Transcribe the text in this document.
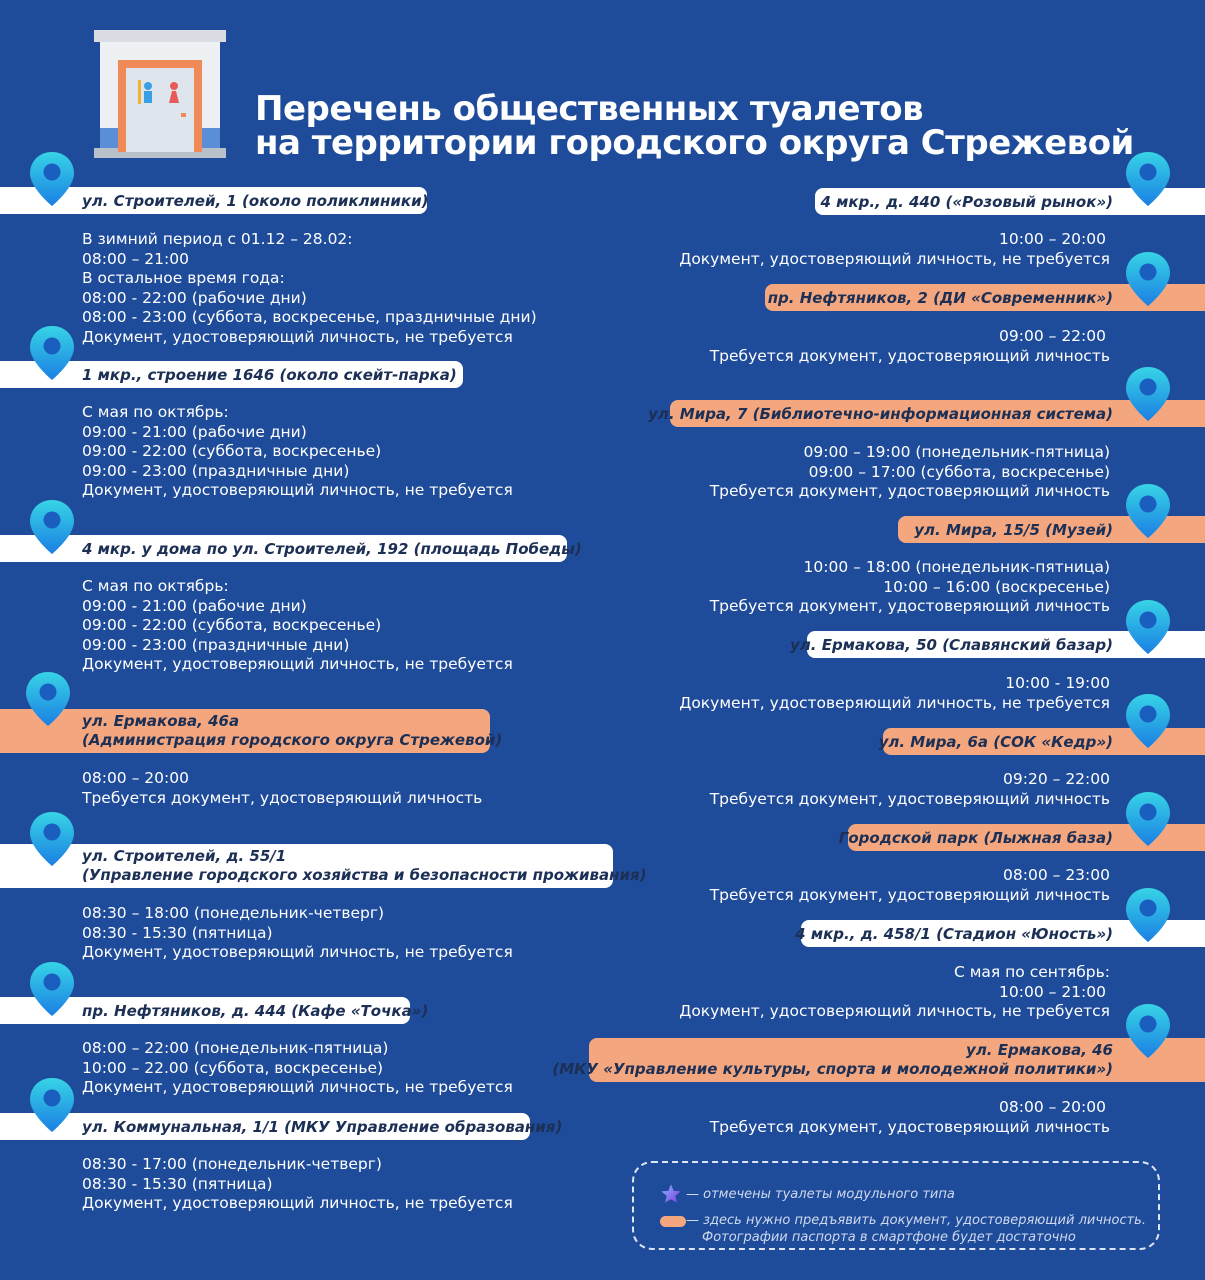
Перечень общественных туалетов
на территории городского округа Стрежевой
ул. Строителей, 1 (около поликлиники)
В зимний период с 01.12 – 28.02:
08:00 – 21:00
В остальное время года:
08:00 - 22:00 (рабочие дни)
08:00 - 23:00 (суббота, воскресенье, праздничные дни)
Документ, удостоверяющий личность, не требуется
1 мкр., строение 1646 (около скейт-парка)
С мая по октябрь:
09:00 - 21:00 (рабочие дни)
09:00 - 22:00 (суббота, воскресенье)
09:00 - 23:00 (праздничные дни)
Документ, удостоверяющий личность, не требуется
4 мкр. у дома по ул. Строителей, 192 (площадь Победы)
С мая по октябрь:
09:00 - 21:00 (рабочие дни)
09:00 - 22:00 (суббота, воскресенье)
09:00 - 23:00 (праздничные дни)
Документ, удостоверяющий личность, не требуется
ул. Ермакова, 46а
(Администрация городского округа Стрежевой)
08:00 – 20:00
Требуется документ, удостоверяющий личность
ул. Строителей, д. 55/1
(Управление городского хозяйства и безопасности проживания)
08:30 – 18:00 (понедельник-четверг)
08:30 - 15:30 (пятница)
Документ, удостоверяющий личность, не требуется
пр. Нефтяников, д. 444 (Кафе «Точка»)
08:00 – 22:00 (понедельник-пятница)
10:00 – 22.00 (суббота, воскресенье)
Документ, удостоверяющий личность, не требуется
ул. Коммунальная, 1/1 (МКУ Управление образования)
08:30 - 17:00 (понедельник-четверг)
08:30 - 15:30 (пятница)
Документ, удостоверяющий личность, не требуется
4 мкр., д. 440 («Розовый рынок»)
10:00 – 20:00
Документ, удостоверяющий личность, не требуется
пр. Нефтяников, 2 (ДИ «Современник»)
09:00 – 22:00
Требуется документ, удостоверяющий личность
ул. Мира, 7 (Библиотечно-информационная система)
09:00 – 19:00 (понедельник-пятница)
09:00 – 17:00 (суббота, воскресенье)
Требуется документ, удостоверяющий личность
ул. Мира, 15/5 (Музей)
10:00 – 18:00 (понедельник-пятница)
10:00 – 16:00 (воскресенье)
Требуется документ, удостоверяющий личность
ул. Ермакова, 50 (Славянский базар)
10:00 - 19:00
Документ, удостоверяющий личность, не требуется
ул. Мира, 6а (СОК «Кедр»)
09:20 – 22:00
Требуется документ, удостоверяющий личность
Городской парк (Лыжная база)
08:00 – 23:00
Требуется документ, удостоверяющий личность
4 мкр., д. 458/1 (Стадион «Юность»)
С мая по сентябрь:
10:00 – 21:00
Документ, удостоверяющий личность, не требуется
ул. Ермакова, 46
(МКУ «Управление культуры, спорта и молодежной политики»)
08:00 – 20:00
Требуется документ, удостоверяющий личность
— отмечены туалеты модульного типа
— здесь нужно предъявить документ, удостоверяющий личность.
Фотографии паспорта в смартфоне будет достаточно
